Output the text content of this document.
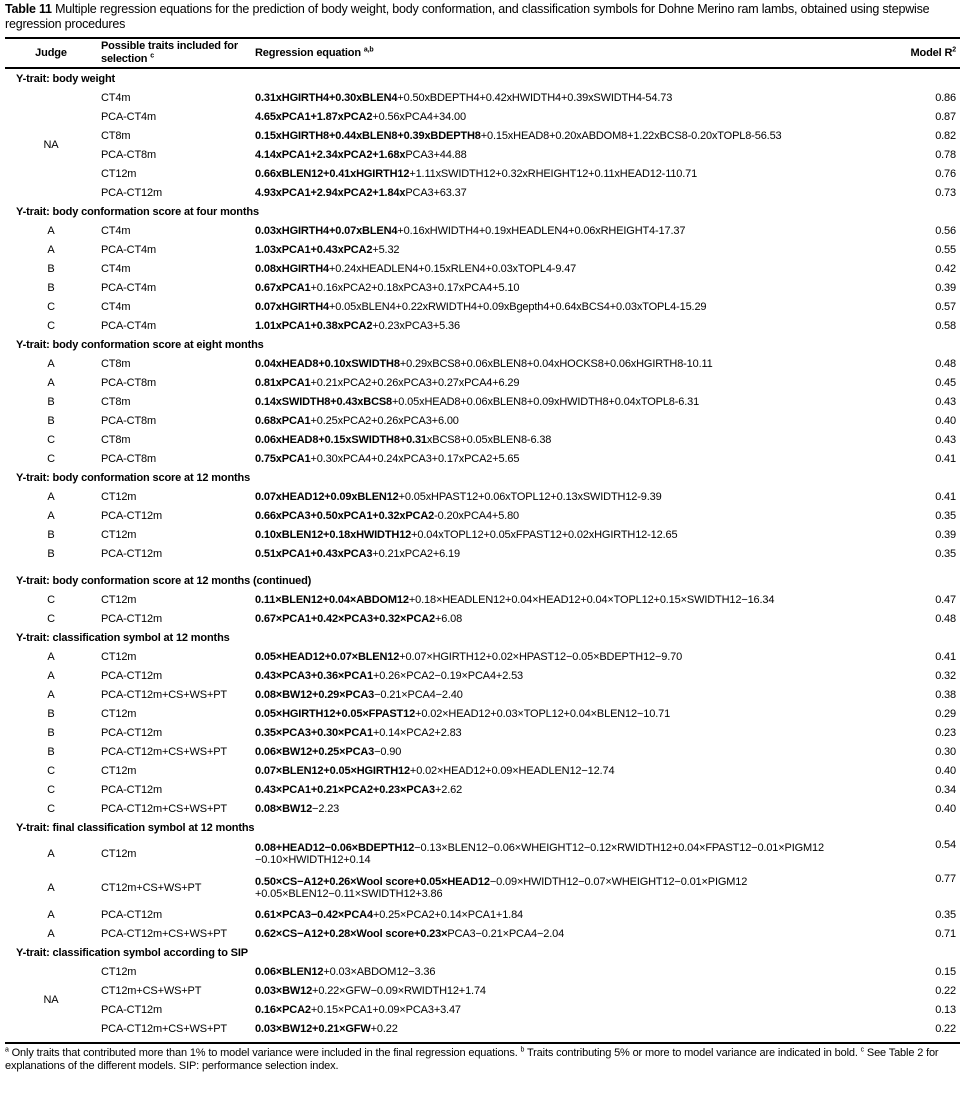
Table 11 Multiple regression equations for the prediction of body weight, body conformation, and classification symbols for Dohne Merino ram lambs, obtained using stepwise regression procedures
Judge	Possible traits included for selection $^c$	Regression equation $^{a,b}$	Model $R^2$
Y-trait: body weight			
NA	CT4m	0.31xHGIRTH4+0.30xBLEN4+0.50xBDEPTH4+0.42xHWIDTH4+0.39xSWIDTH4-54.73	0.86
	PCA-CT4m	4.65xPCA1+1.87xPCA2+0.56xPCA4+34.00	0.87
	CT8m	0.15xHGIRTH8+0.44xBLEN8+0.39xBDEPTH8+0.15xHEAD8+0.20xABDOM8+1.22xBCS8-0.20xTOPL8-56.53	0.82
	PCA-CT8m	4.14xPCA1+2.34xPCA2+1.68xPCA3+44.88	0.78
	CT12m	0.66xBLEN12+0.41xHGIRTH12+1.11xSWIDTH12+0.32xRHEIGHT12+0.11xHEAD12-110.71	0.76
	PCA-CT12m	4.93xPCA1+2.94xPCA2+1.84xPCA3+63.37	0.73
Y-trait: body conformation score at four months			
A	CT4m	0.03xHGIRTH4+0.07xBLEN4+0.16xHWIDTH4+0.19xHEADLEN4+0.06xRHEIGHT4-17.37	0.56
A	PCA-CT4m	1.03xPCA1+0.43xPCA2+5.32	0.55
B	CT4m	0.08xHGIRTH4+0.24xHEADLEN4+0.15xRLEN4+0.03xTOPL4-9.47	0.42
B	PCA-CT4m	0.67xPCA1+0.16xPCA2+0.18xPCA3+0.17xPCA4+5.10	0.39
C	CT4m	0.07xHGIRTH4+0.05xBLEN4+0.22xRWIDTH4+0.09xBgepth4+0.64xBCS4+0.03xTOPL4-15.29	0.57
C	PCA-CT4m	1.01xPCA1+0.38xPCA2+0.23xPCA3+5.36	0.58
Y-trait: body conformation score at eight months			
A	CT8m	0.04xHEAD8+0.10xSWIDTH8+0.29xBCS8+0.06xBLEN8+0.04xHOCKS8+0.06xHGIRTH8-10.11	0.48
A	PCA-CT8m	0.81xPCA1+0.21xPCA2+0.26xPCA3+0.27xPCA4+6.29	0.45
B	CT8m	0.14xSWIDTH8+0.43xBCS8+0.05xHEAD8+0.06xBLEN8+0.09xHWIDTH8+0.04xTOPL8-6.31	0.43
B	PCA-CT8m	0.68xPCA1+0.25xPCA2+0.26xPCA3+6.00	0.40
C	CT8m	0.06xHEAD8+0.15xSWIDTH8+0.31xBCS8+0.05xBLEN8-6.38	0.43
C	PCA-CT8m	0.75xPCA1+0.30xPCA4+0.24xPCA3+0.17xPCA2+5.65	0.41
Y-trait: body conformation score at 12 months			
A	CT12m	0.07xHEAD12+0.09xBLEN12+0.05xHPAST12+0.06xTOPL12+0.13xSWIDTH12-9.39	0.41
A	PCA-CT12m	0.66xPCA3+0.50xPCA1+0.32xPCA2-0.20xPCA4+5.80	0.35
B	CT12m	0.10xBLEN12+0.18xHWIDTH12+0.04xTOPL12+0.05xFPAST12+0.02xHGIRTH12-12.65	0.39
B	PCA-CT12m	0.51xPCA1+0.43xPCA3+0.21xPCA2+6.19	0.35

Y-trait: body conformation score at 12 months (continued)			
C	CT12m	0.11×BLEN12+0.04×ABDOM12+0.18×HEADLEN12+0.04×HEAD12+0.04×TOPL12+0.15×SWIDTH12−16.34	0.47
C	PCA-CT12m	0.67×PCA1+0.42×PCA3+0.32×PCA2+6.08	0.48
Y-trait: classification symbol at 12 months			
A	CT12m	0.05×HEAD12+0.07×BLEN12+0.07×HGIRTH12+0.02×HPAST12−0.05×BDEPTH12−9.70	0.41
A	PCA-CT12m	0.43×PCA3+0.36×PCA1+0.26×PCA2−0.19×PCA4+2.53	0.32
A	PCA-CT12m+CS+WS+PT	0.08×BW12+0.29×PCA3−0.21×PCA4−2.40	0.38
B	CT12m	0.05×HGIRTH12+0.05×FPAST12+0.02×HEAD12+0.03×TOPL12+0.04×BLEN12−10.71	0.29
B	PCA-CT12m	0.35×PCA3+0.30×PCA1+0.14×PCA2+2.83	0.23
B	PCA-CT12m+CS+WS+PT	0.06×BW12+0.25×PCA3−0.90	0.30
C	CT12m	0.07×BLEN12+0.05×HGIRTH12+0.02×HEAD12+0.09×HEADLEN12−12.74	0.40
C	PCA-CT12m	0.43×PCA1+0.21×PCA2+0.23×PCA3+2.62	0.34
C	PCA-CT12m+CS+WS+PT	0.08×BW12−2.23	0.40
Y-trait: final classification symbol at 12 months			
A	CT12m	0.08+HEAD12−0.06×BDEPTH12−0.13×BLEN12−0.06×WHEIGHT12−0.12×RWIDTH12+0.04×FPAST12−0.01×PIGM12 −0.10×HWIDTH12+0.14	0.54
A	CT12m+CS+WS+PT	0.50×CS−A12+0.26×Wool score+0.05×HEAD12−0.09×HWIDTH12−0.07×WHEIGHT12−0.01×PIGM12 +0.05×BLEN12−0.11×SWIDTH12+3.86	0.77
A	PCA-CT12m	0.61×PCA3−0.42×PCA4+0.25×PCA2+0.14×PCA1+1.84	0.35
A	PCA-CT12m+CS+WS+PT	0.62×CS−A12+0.28×Wool score+0.23×PCA3−0.21×PCA4−2.04	0.71
Y-trait: classification symbol according to SIP			
NA	CT12m	0.06×BLEN12+0.03×ABDOM12−3.36	0.15
	CT12m+CS+WS+PT	0.03×BW12+0.22×GFW−0.09×RWIDTH12+1.74	0.22
	PCA-CT12m	0.16×PCA2+0.15×PCA1+0.09×PCA3+3.47	0.13
	PCA-CT12m+CS+WS+PT	0.03×BW12+0.21×GFW+0.22	0.22

$^a$ Only traits that contributed more than 1% to model variance were included in the final regression equations. $^b$ Traits contributing 5% or more to model variance are indicated in bold. $^c$ See Table 2 for explanations of the different models. SIP: performance selection index.
